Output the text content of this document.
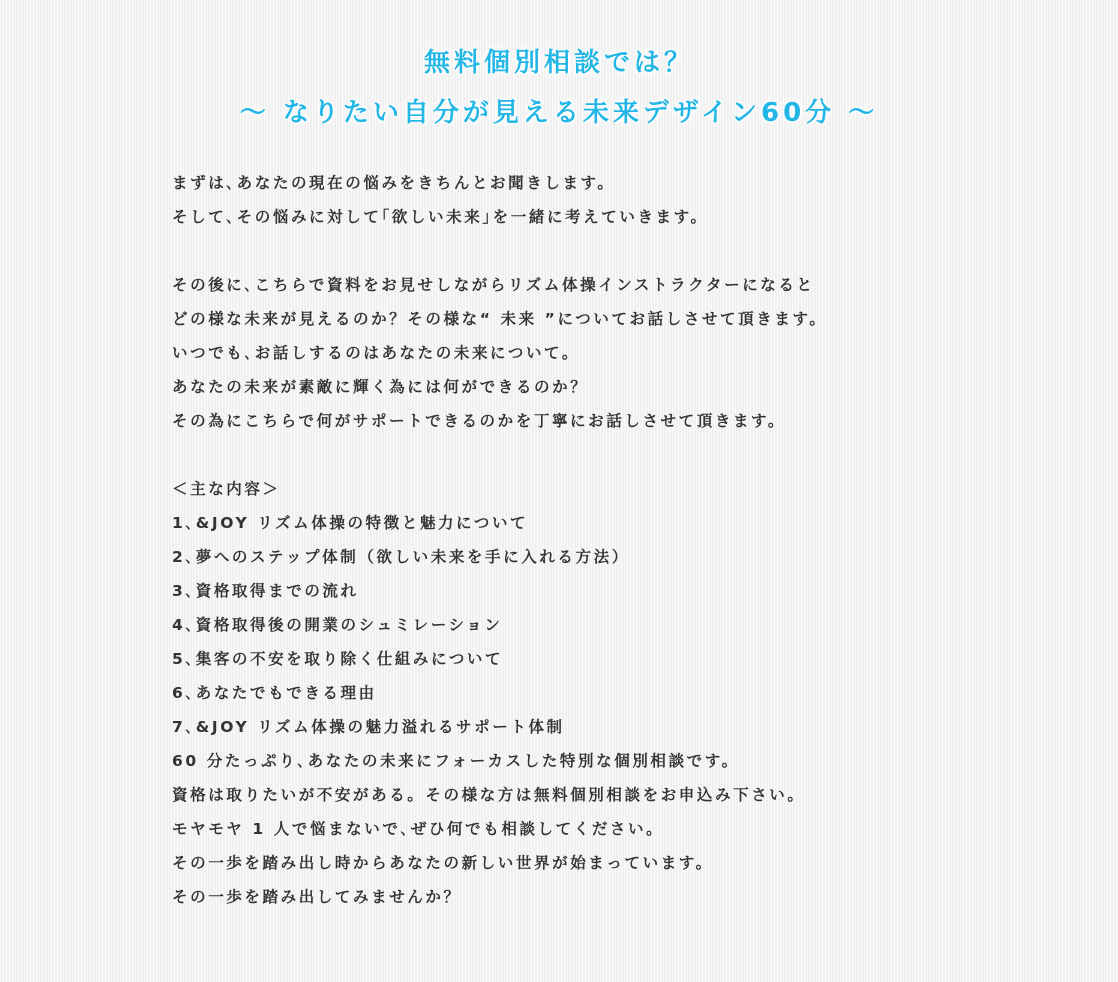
無料個別相談では？
～ なりたい自分が見える未来デザイン60分 ～
まずは､あなたの現在の悩みをきちんとお聞きします。
そして､その悩みに対して｢欲しい未来｣を一緒に考えていきます。
その後に､こちらで資料をお見せしながらリズム体操インストラクターになると
どの様な未来が見えるのか？その様な“ 未来 ”についてお話しさせて頂きます。
いつでも､お話しするのはあなたの未来について。
あなたの未来が素敵に輝く為には何ができるのか？
その為にこちらで何がサポートできるのかを丁寧にお話しさせて頂きます。
＜主な内容＞
1､&JOY リズム体操の特徴と魅力について
2､夢へのステップ体制（欲しい未来を手に入れる方法）
3､資格取得までの流れ
4､資格取得後の開業のシュミレーション
5､集客の不安を取り除く仕組みについて
6､あなたでもできる理由
7､&JOY リズム体操の魅力溢れるサポート体制
60 分たっぷり､あなたの未来にフォーカスした特別な個別相談です。
資格は取りたいが不安がある。その様な方は無料個別相談をお申込み下さい。
モヤモヤ 1 人で悩まないで､ぜひ何でも相談してください。
その一歩を踏み出し時からあなたの新しい世界が始まっています。
その一歩を踏み出してみませんか？
